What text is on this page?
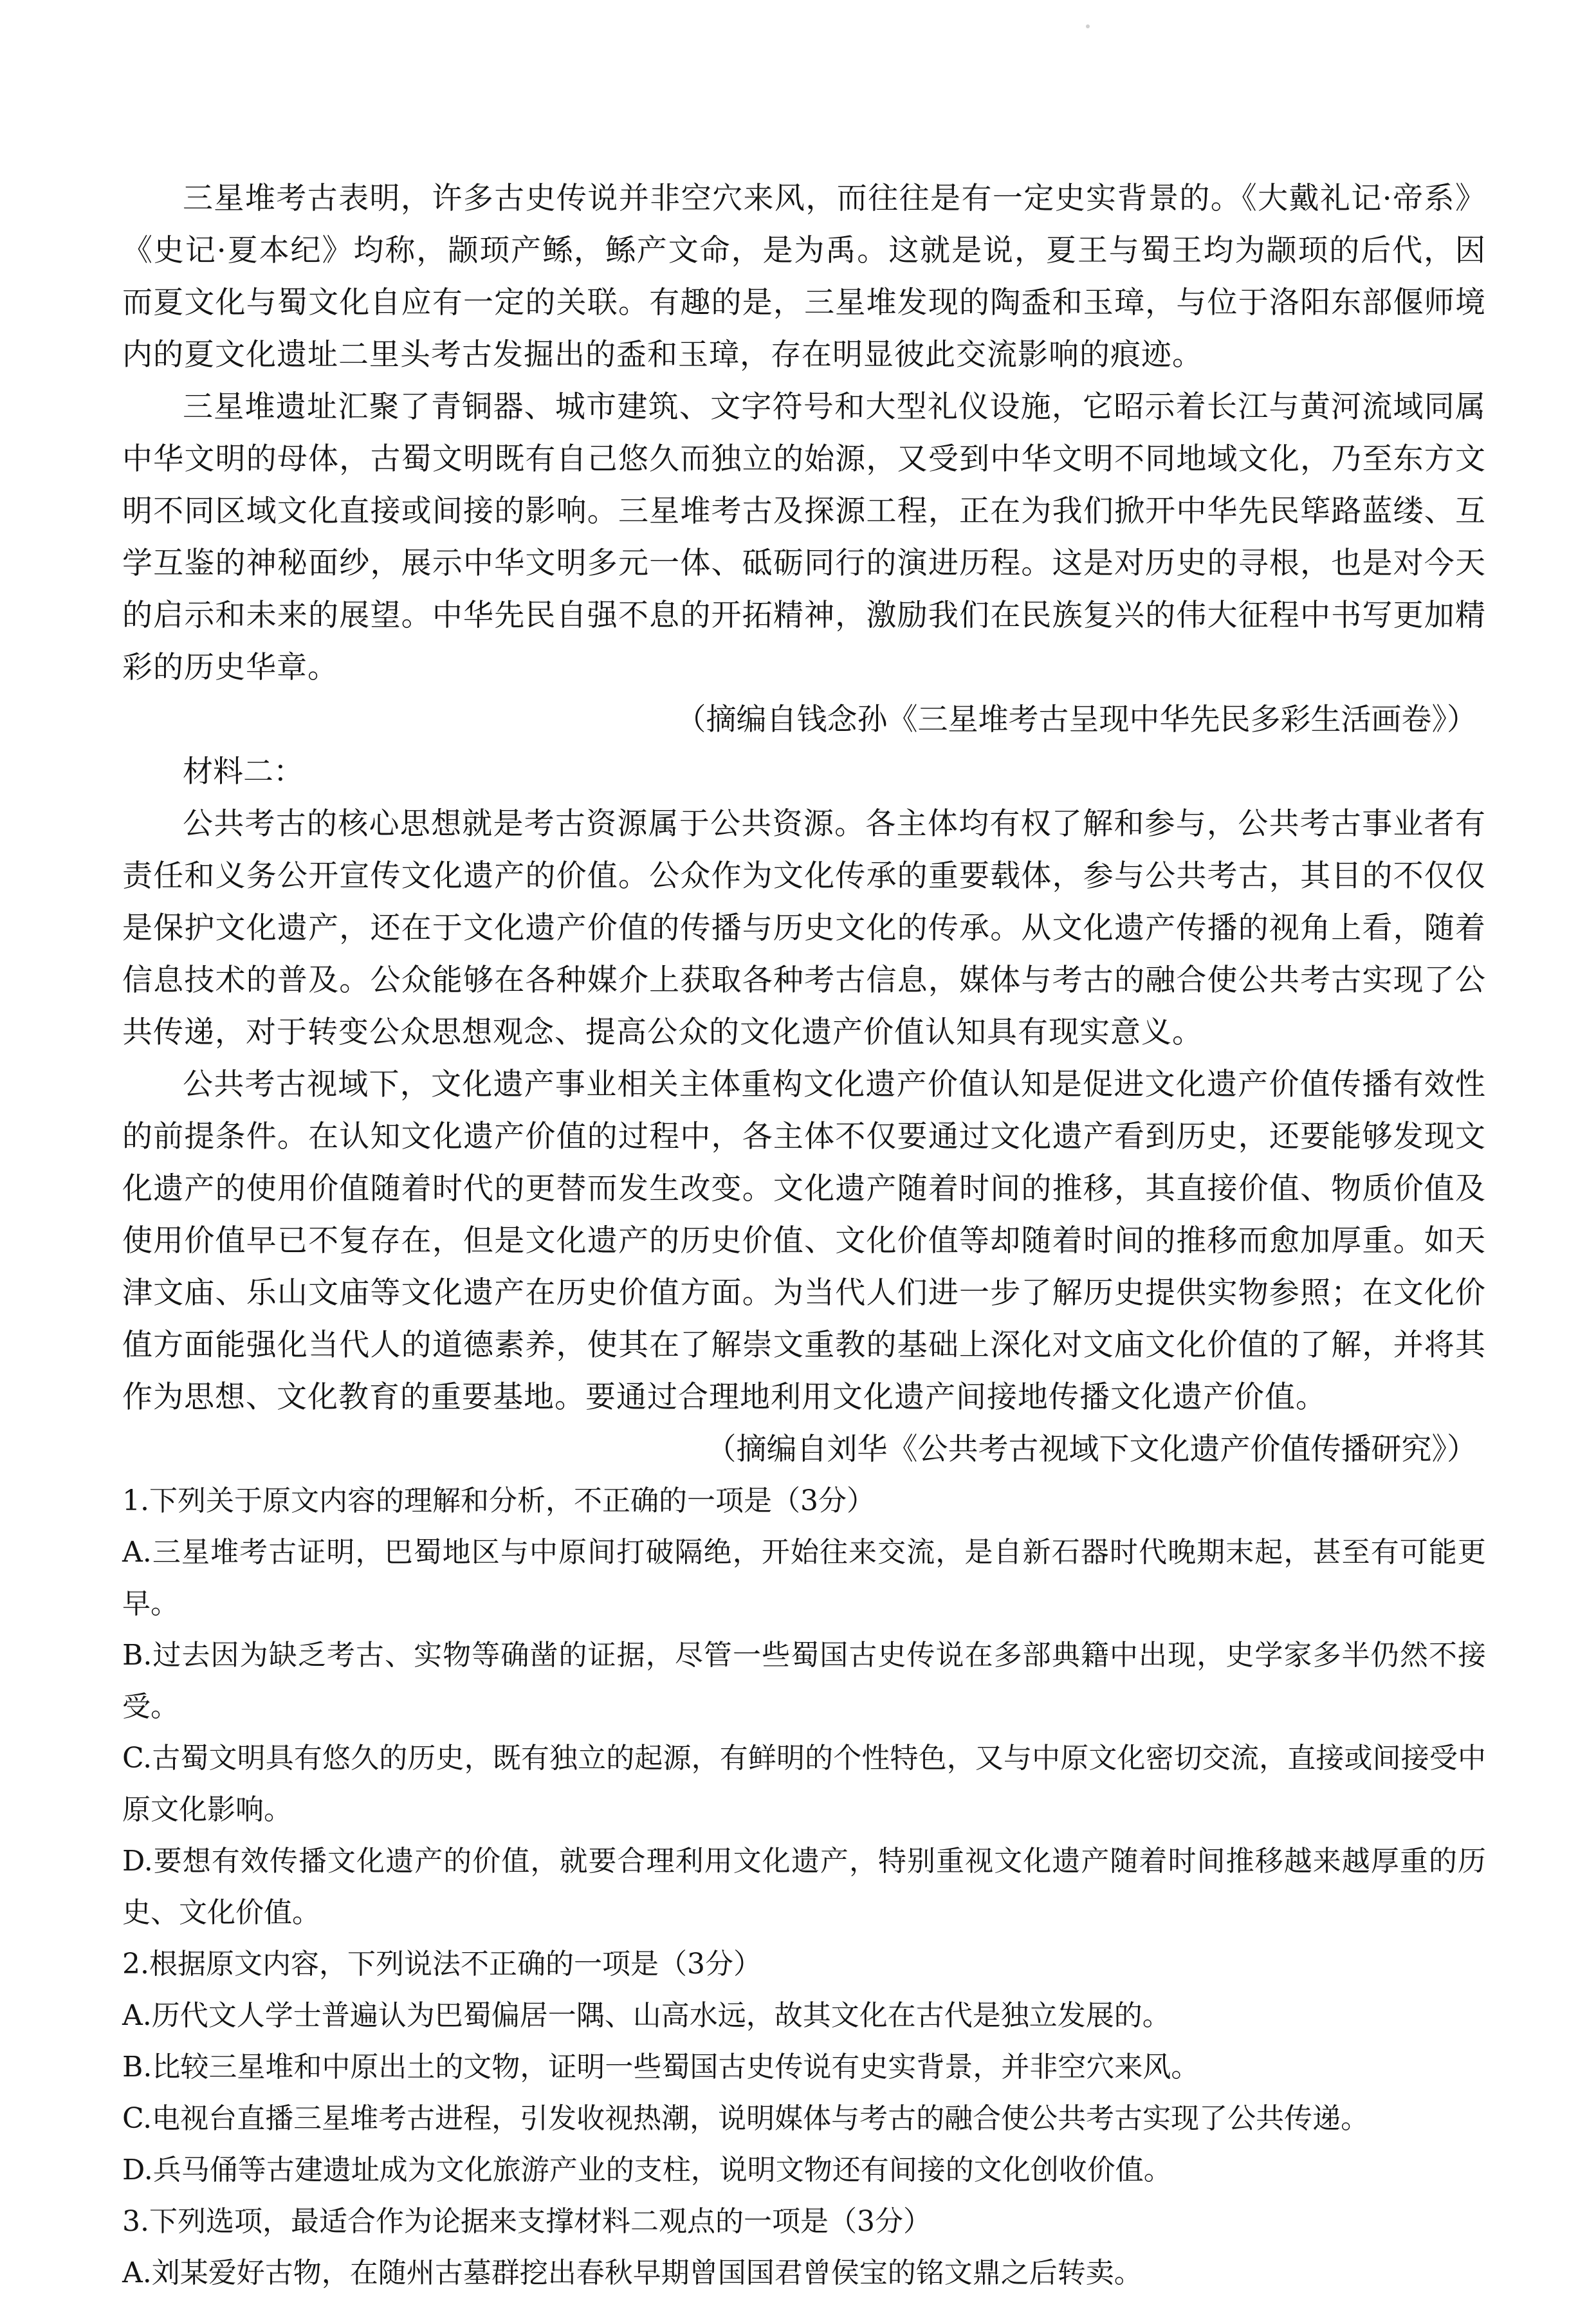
三星堆考古表明，许多古史传说并非空穴来风，而往往是有一定史实背景的。《大戴礼记·帝系》《史记·夏本纪》均称，颛顼产鲧，鲧产文命，是为禹。这就是说，夏王与蜀王均为颛顼的后代，因而夏文化与蜀文化自应有一定的关联。有趣的是，三星堆发现的陶盉和玉璋，与位于洛阳东部偃师境内的夏文化遗址二里头考古发掘出的盉和玉璋，存在明显彼此交流影响的痕迹。

三星堆遗址汇聚了青铜器、城市建筑、文字符号和大型礼仪设施，它昭示着长江与黄河流域同属中华文明的母体，古蜀文明既有自己悠久而独立的始源，又受到中华文明不同地域文化，乃至东方文明不同区域文化直接或间接的影响。三星堆考古及探源工程，正在为我们掀开中华先民筚路蓝缕、互学互鉴的神秘面纱，展示中华文明多元一体、砥砺同行的演进历程。这是对历史的寻根，也是对今天的启示和未来的展望。中华先民自强不息的开拓精神，激励我们在民族复兴的伟大征程中书写更加精彩的历史华章。

（摘编自钱念孙《三星堆考古呈现中华先民多彩生活画卷》）

材料二：

公共考古的核心思想就是考古资源属于公共资源。各主体均有权了解和参与，公共考古事业者有责任和义务公开宣传文化遗产的价值。公众作为文化传承的重要载体，参与公共考古，其目的不仅仅是保护文化遗产，还在于文化遗产价值的传播与历史文化的传承。从文化遗产传播的视角上看，随着信息技术的普及。公众能够在各种媒介上获取各种考古信息，媒体与考古的融合使公共考古实现了公共传递，对于转变公众思想观念、提高公众的文化遗产价值认知具有现实意义。

公共考古视域下，文化遗产事业相关主体重构文化遗产价值认知是促进文化遗产价值传播有效性的前提条件。在认知文化遗产价值的过程中，各主体不仅要通过文化遗产看到历史，还要能够发现文化遗产的使用价值随着时代的更替而发生改变。文化遗产随着时间的推移，其直接价值、物质价值及使用价值早已不复存在，但是文化遗产的历史价值、文化价值等却随着时间的推移而愈加厚重。如天津文庙、乐山文庙等文化遗产在历史价值方面。为当代人们进一步了解历史提供实物参照；在文化价值方面能强化当代人的道德素养，使其在了解崇文重教的基础上深化对文庙文化价值的了解，并将其作为思想、文化教育的重要基地。要通过合理地利用文化遗产间接地传播文化遗产价值。

（摘编自刘华《公共考古视域下文化遗产价值传播研究》）

1.下列关于原文内容的理解和分析，不正确的一项是（3分）

A.三星堆考古证明，巴蜀地区与中原间打破隔绝，开始往来交流，是自新石器时代晚期末起，甚至有可能更早。

B.过去因为缺乏考古、实物等确凿的证据，尽管一些蜀国古史传说在多部典籍中出现，史学家多半仍然不接受。

C.古蜀文明具有悠久的历史，既有独立的起源，有鲜明的个性特色，又与中原文化密切交流，直接或间接受中原文化影响。

D.要想有效传播文化遗产的价值，就要合理利用文化遗产，特别重视文化遗产随着时间推移越来越厚重的历史、文化价值。

2.根据原文内容，下列说法不正确的一项是（3分）

A.历代文人学士普遍认为巴蜀偏居一隅、山高水远，故其文化在古代是独立发展的。

B.比较三星堆和中原出土的文物，证明一些蜀国古史传说有史实背景，并非空穴来风。

C.电视台直播三星堆考古进程，引发收视热潮，说明媒体与考古的融合使公共考古实现了公共传递。

D.兵马俑等古建遗址成为文化旅游产业的支柱，说明文物还有间接的文化创收价值。

3.下列选项，最适合作为论据来支撑材料二观点的一项是（3分）

A.刘某爱好古物，在随州古墓群挖出春秋早期曾国国君曾侯宝的铭文鼎之后转卖。
